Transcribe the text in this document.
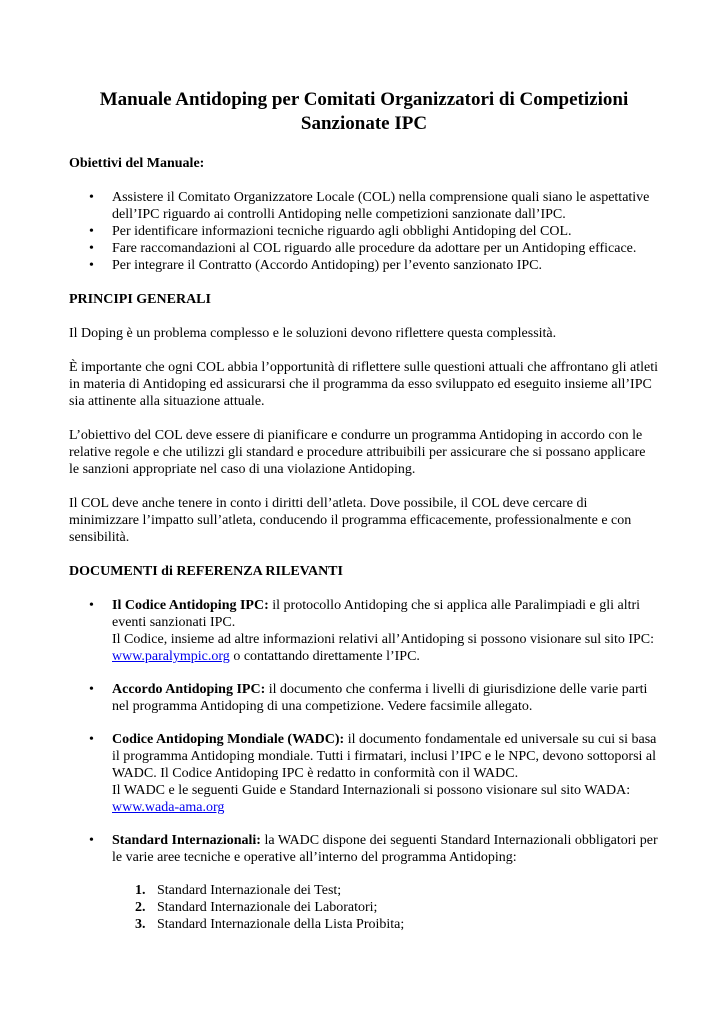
Manuale Antidoping per Comitati Organizzatori di Competizioni
Sanzionate IPC

Obiettivi del Manuale:

• Assistere il Comitato Organizzatore Locale (COL) nella comprensione quali siano le aspettative dell’IPC riguardo ai controlli Antidoping nelle competizioni sanzionate dall’IPC.
• Per identificare informazioni tecniche riguardo agli obblighi Antidoping del COL.
• Fare raccomandazioni al COL riguardo alle procedure da adottare per un Antidoping efficace.
• Per integrare il Contratto (Accordo Antidoping) per l’evento sanzionato IPC.

PRINCIPI GENERALI

Il Doping è un problema complesso e le soluzioni devono riflettere questa complessità.

È importante che ogni COL abbia l’opportunità di riflettere sulle questioni attuali che affrontano gli atleti in materia di Antidoping ed assicurarsi che il programma da esso sviluppato ed eseguito insieme all’IPC sia attinente alla situazione attuale.

L’obiettivo del COL deve essere di pianificare e condurre un programma Antidoping in accordo con le relative regole e che utilizzi gli standard e procedure attribuibili per assicurare che si possano applicare le sanzioni appropriate nel caso di una violazione Antidoping.

Il COL deve anche tenere in conto i diritti dell’atleta. Dove possibile, il COL deve cercare di minimizzare l’impatto sull’atleta, conducendo il programma efficacemente, professionalmente e con sensibilità.

DOCUMENTI di REFERENZA RILEVANTI

• Il Codice Antidoping IPC: il protocollo Antidoping che si applica alle Paralimpiadi e gli altri eventi sanzionati IPC.
Il Codice, insieme ad altre informazioni relativi all’Antidoping si possono visionare sul sito IPC: www.paralympic.org o contattando direttamente l’IPC.
• Accordo Antidoping IPC: il documento che conferma i livelli di giurisdizione delle varie parti nel programma Antidoping di una competizione. Vedere facsimile allegato.
• Codice Antidoping Mondiale (WADC): il documento fondamentale ed universale su cui si basa il programma Antidoping mondiale. Tutti i firmatari, inclusi l’IPC e le NPC, devono sottoporsi al WADC. Il Codice Antidoping IPC è redatto in conformità con il WADC.
Il WADC e le seguenti Guide e Standard Internazionali si possono visionare sul sito WADA: www.wada-ama.org
• Standard Internazionali: la WADC dispone dei seguenti Standard Internazionali obbligatori per le varie aree tecniche e operative all’interno del programma Antidoping:
1. Standard Internazionale dei Test;
2. Standard Internazionale dei Laboratori;
3. Standard Internazionale della Lista Proibita;
